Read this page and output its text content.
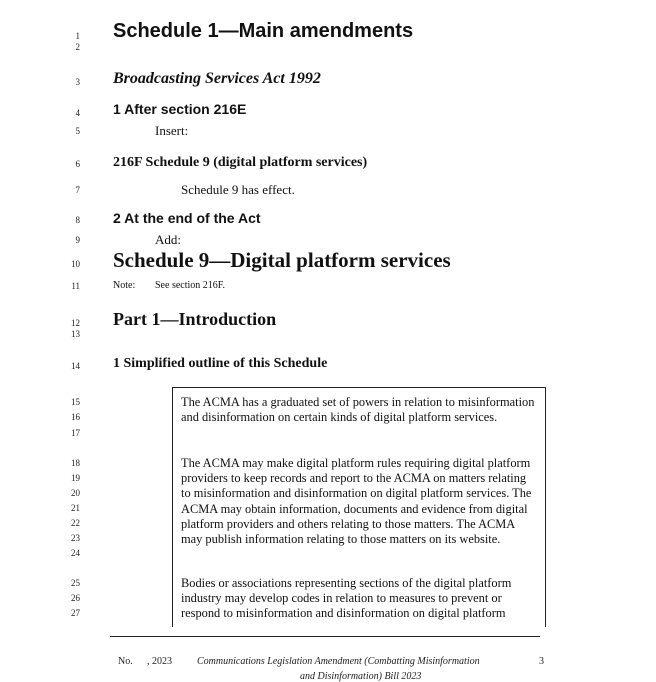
1
2
3
4
5
6
7
8
9
10
11
12
13
14
15
16
17
18
19
20
21
22
23
24
25
26
27
Schedule 1—Main amendments
Broadcasting Services Act 1992
1 After section 216E
Insert:
216F Schedule 9 (digital platform services)
Schedule 9 has effect.
2 At the end of the Act
Add:
Schedule 9—Digital platform services
Note: See section 216F.
Part 1—Introduction
1 Simplified outline of this Schedule

The ACMA has a graduated set of powers in relation to misinformation and disinformation on certain kinds of digital platform services.

The ACMA may make digital platform rules requiring digital platform providers to keep records and report to the ACMA on matters relating to misinformation and disinformation on digital platform services. The ACMA may obtain information, documents and evidence from digital platform providers and others relating to those matters. The ACMA may publish information relating to those matters on its website.

Bodies or associations representing sections of the digital platform industry may develop codes in relation to measures to prevent or respond to misinformation and disinformation on digital platform

No. , 2023	Communications Legislation Amendment (Combatting Misinformation	3
and Disinformation) Bill 2023
